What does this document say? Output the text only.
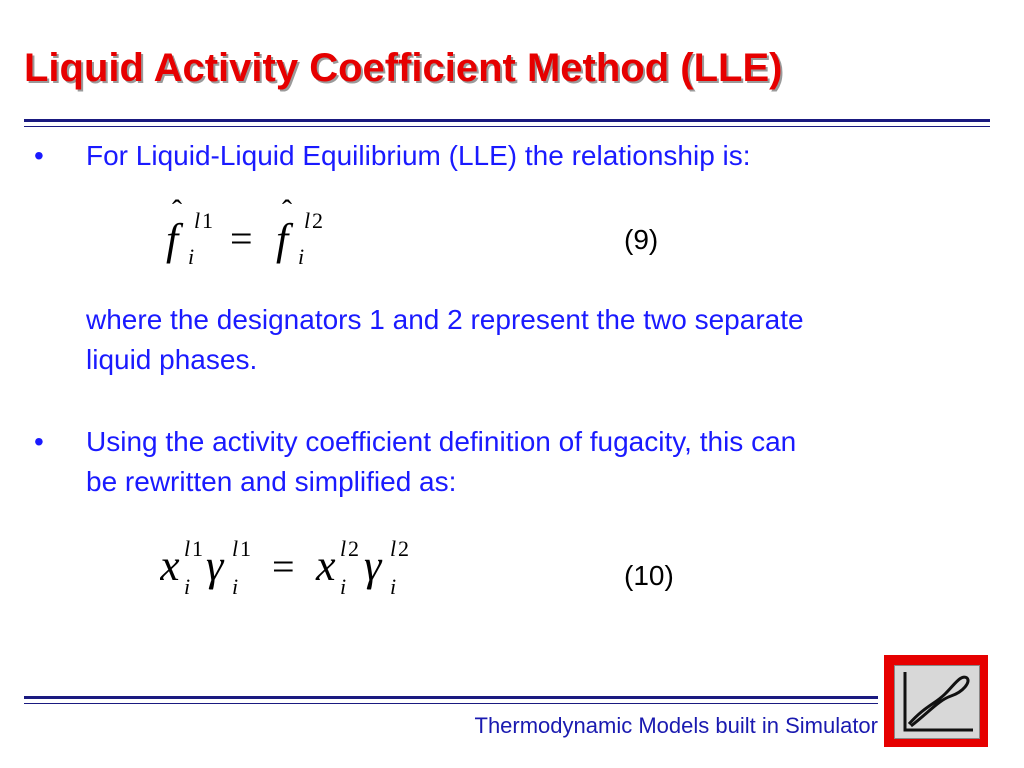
Liquid Activity Coefficient Method (LLE)
• For Liquid-Liquid Equilibrium (LLE) the relationship is:
f
ˆ
i
l 1 = f
ˆ
i
l 2
(9)
where the designators 1 and 2 represent the two separate
liquid phases.
• Using the activity coefficient definition of fugacity, this can
be rewritten and simplified as:
x i
l 1 γ i
l 1 = x i
l 2 γ i
l 2
(10)
Thermodynamic Models built in Simulator
